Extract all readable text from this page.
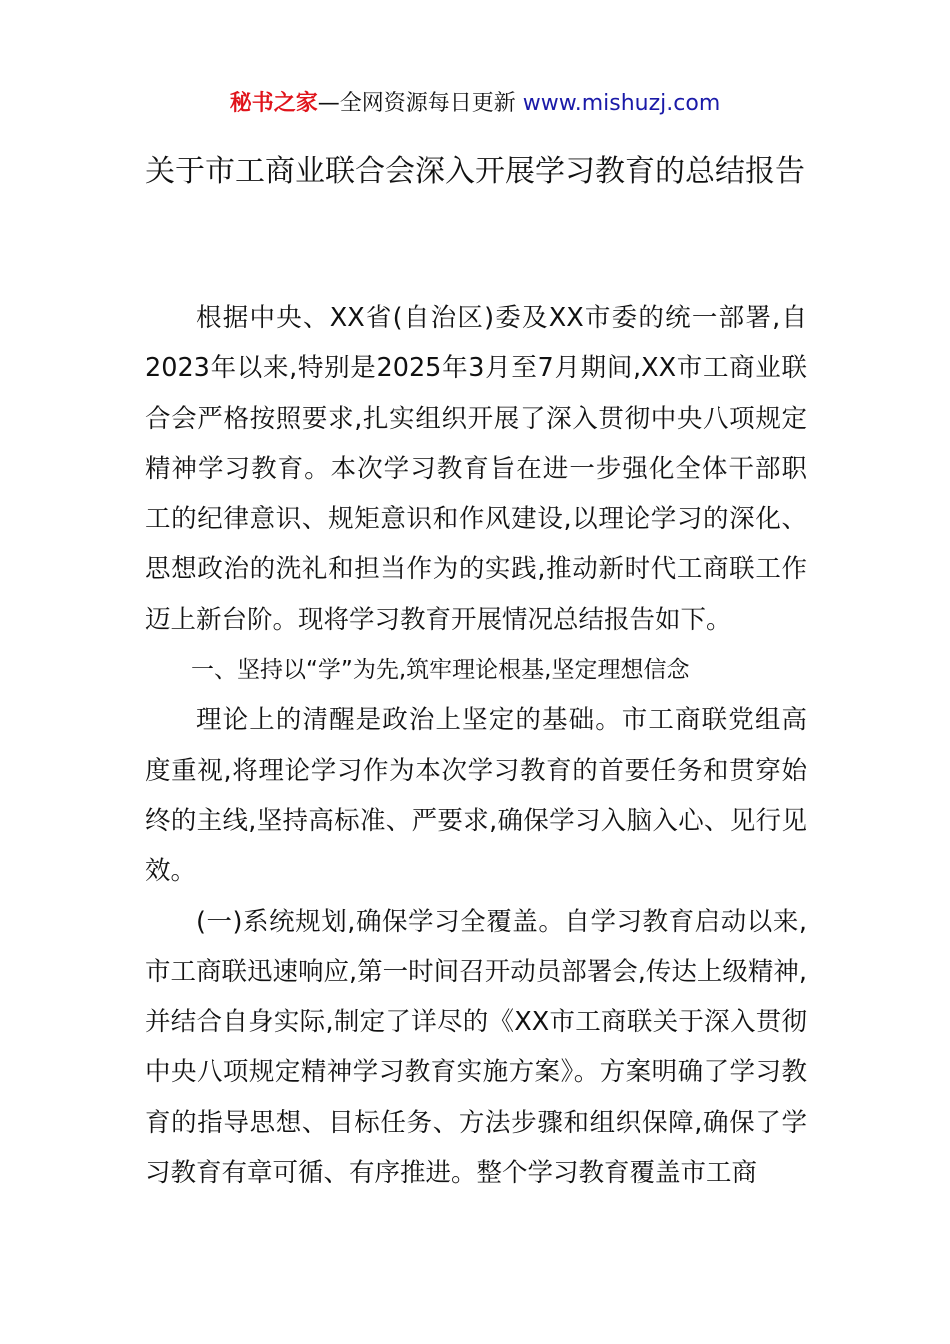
秘书之家—全网资源每日更新 www.mishuzj.com
关于市工商业联合会深入开展学习教育的总结报告

根据中央、XX省(自治区)委及XX市委的统一部署,自2023年以来,特别是2025年3月至7月期间,XX市工商业联合会严格按照要求,扎实组织开展了深入贯彻中央八项规定精神学习教育。本次学习教育旨在进一步强化全体干部职工的纪律意识、规矩意识和作风建设,以理论学习的深化、思想政治的洗礼和担当作为的实践,推动新时代工商联工作迈上新台阶。现将学习教育开展情况总结报告如下。

一、坚持以“学”为先,筑牢理论根基,坚定理想信念

理论上的清醒是政治上坚定的基础。市工商联党组高度重视,将理论学习作为本次学习教育的首要任务和贯穿始终的主线,坚持高标准、严要求,确保学习入脑入心、见行见效。

(一)系统规划,确保学习全覆盖。自学习教育启动以来,市工商联迅速响应,第一时间召开动员部署会,传达上级精神,并结合自身实际,制定了详尽的《XX市工商联关于深入贯彻中央八项规定精神学习教育实施方案》。方案明确了学习教育的指导思想、目标任务、方法步骤和组织保障,确保了学习教育有章可循、有序推进。整个学习教育覆盖市工商
